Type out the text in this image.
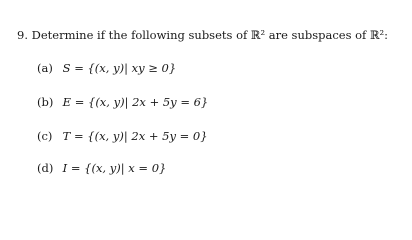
9. Determine if the following subsets of ℝ² are subspaces of ℝ²:
(a) S = {(x, y)| xy ≥ 0}
(b) E = {(x, y)| 2x + 5y = 6}
(c) T = {(x, y)| 2x + 5y = 0}
(d) I = {(x, y)| x = 0}
